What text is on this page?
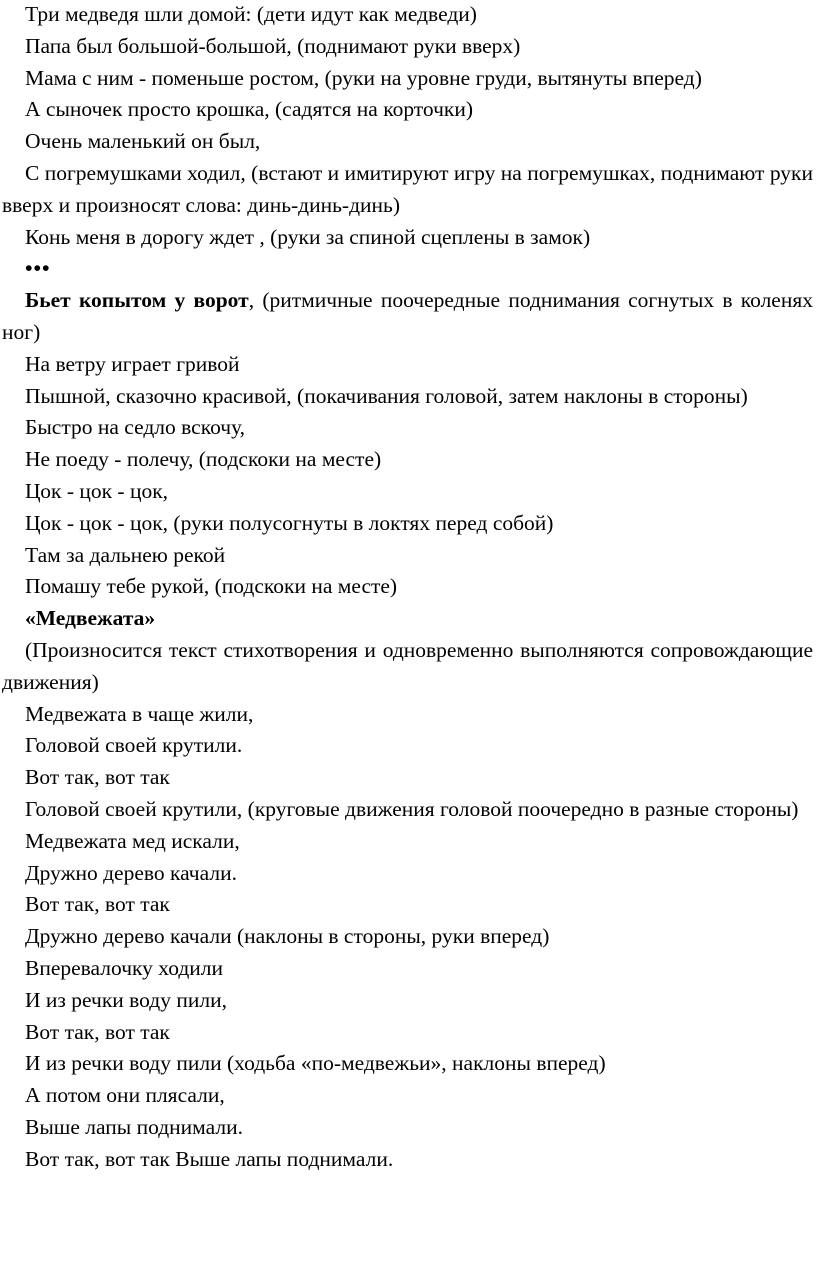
Три медведя шли домой: (дети идут как медведи)

Папа был большой-большой, (поднимают руки вверх)

Мама с ним - поменьше ростом, (руки на уровне груди, вытянуты вперед)

А сыночек просто крошка, (садятся на корточки)

Очень маленький он был,

С погремушками ходил, (встают и имитируют игру на погремушках, поднимают руки вверх и произносят слова: динь-динь-динь)

Конь меня в дорогу ждет , (руки за спиной сцеплены в замок)

•••

Бьет копытом у ворот, (ритмичные поочередные поднимания согнутых в коленях ног)

На ветру играет гривой

Пышной, сказочно красивой, (покачивания головой, затем наклоны в стороны)

Быстро на седло вскочу,

Не поеду - полечу, (подскоки на месте)

Цок - цок - цок,

Цок - цок - цок, (руки полусогнуты в локтях перед собой)

Там за дальнею рекой

Помашу тебе рукой, (подскоки на месте)

«Медвежата»

(Произносится текст стихотворения и одновременно выполняются сопровождающие движения)

Медвежата в чаще жили,

Головой своей крутили.

Вот так, вот так

Головой своей крутили, (круговые движения головой поочередно в разные стороны)

Медвежата мед искали,

Дружно дерево качали.

Вот так, вот так

Дружно дерево качали (наклоны в стороны, руки вперед)

Вперевалочку ходили

И из речки воду пили,

Вот так, вот так

И из речки воду пили (ходьба «по-медвежьи», наклоны вперед)

А потом они плясали,

Выше лапы поднимали.

Вот так, вот так Выше лапы поднимали.
